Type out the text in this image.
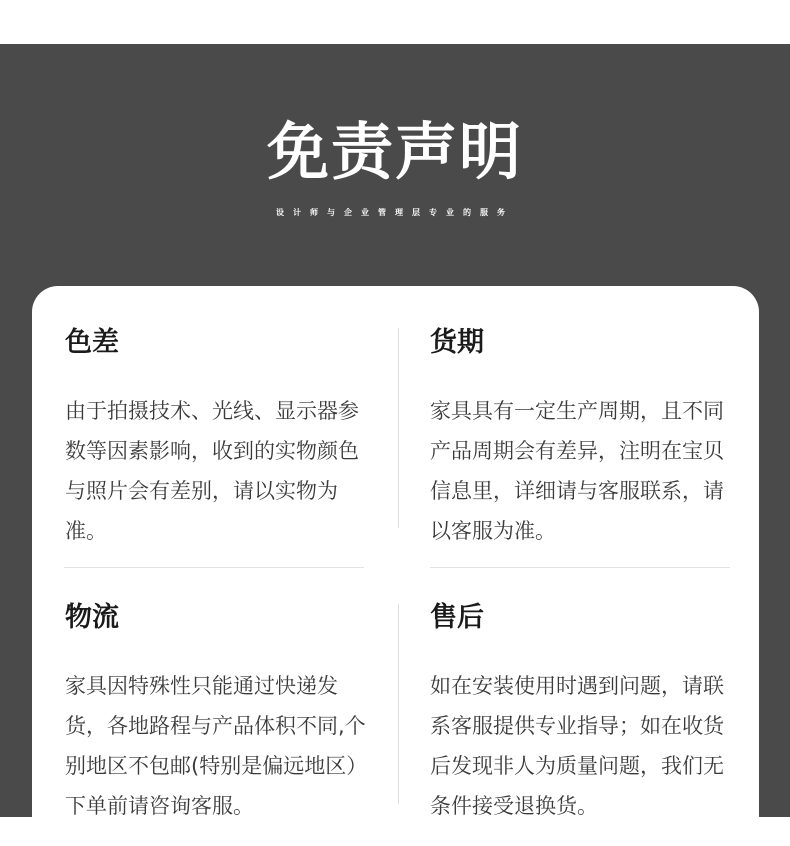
免责声明
设计师与企业管理层专业的服务
色差
由于拍摄技术、光线、显示器参数等因素影响，收到的实物颜色与照片会有差别，请以实物为准。
货期
家具具有一定生产周期，且不同产品周期会有差异，注明在宝贝信息里，详细请与客服联系，请以客服为准。
物流
家具因特殊性只能通过快递发货，各地路程与产品体积不同,个别地区不包邮(特别是偏远地区）下单前请咨询客服。
售后
如在安装使用时遇到问题，请联系客服提供专业指导；如在收货后发现非人为质量问题，我们无条件接受退换货。
